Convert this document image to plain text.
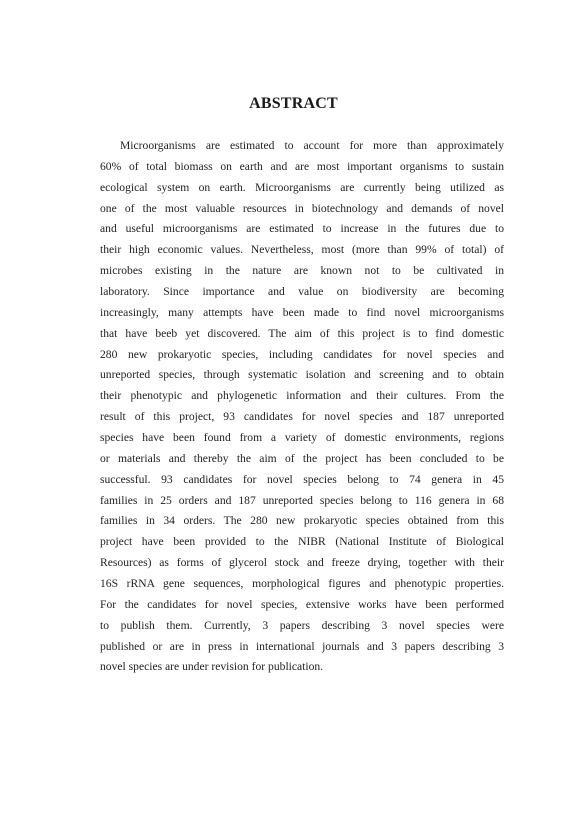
ABSTRACT
Microorganisms are estimated to account for more than approximately
60% of total biomass on earth and are most important organisms to sustain
ecological system on earth. Microorganisms are currently being utilized as
one of the most valuable resources in biotechnology and demands of novel
and useful microorganisms are estimated to increase in the futures due to
their high economic values. Nevertheless, most (more than 99% of total) of
microbes existing in the nature are known not to be cultivated in
laboratory. Since importance and value on biodiversity are becoming
increasingly, many attempts have been made to find novel microorganisms
that have beeb yet discovered. The aim of this project is to find domestic
280 new prokaryotic species, including candidates for novel species and
unreported species, through systematic isolation and screening and to obtain
their phenotypic and phylogenetic information and their cultures. From the
result of this project, 93 candidates for novel species and 187 unreported
species have been found from a variety of domestic environments, regions
or materials and thereby the aim of the project has been concluded to be
successful. 93 candidates for novel species belong to 74 genera in 45
families in 25 orders and 187 unreported species belong to 116 genera in 68
families in 34 orders. The 280 new prokaryotic species obtained from this
project have been provided to the NIBR (National Institute of Biological
Resources) as forms of glycerol stock and freeze drying, together with their
16S rRNA gene sequences, morphological figures and phenotypic properties.
For the candidates for novel species, extensive works have been performed
to publish them. Currently, 3 papers describing 3 novel species were
published or are in press in international journals and 3 papers describing 3
novel species are under revision for publication.
